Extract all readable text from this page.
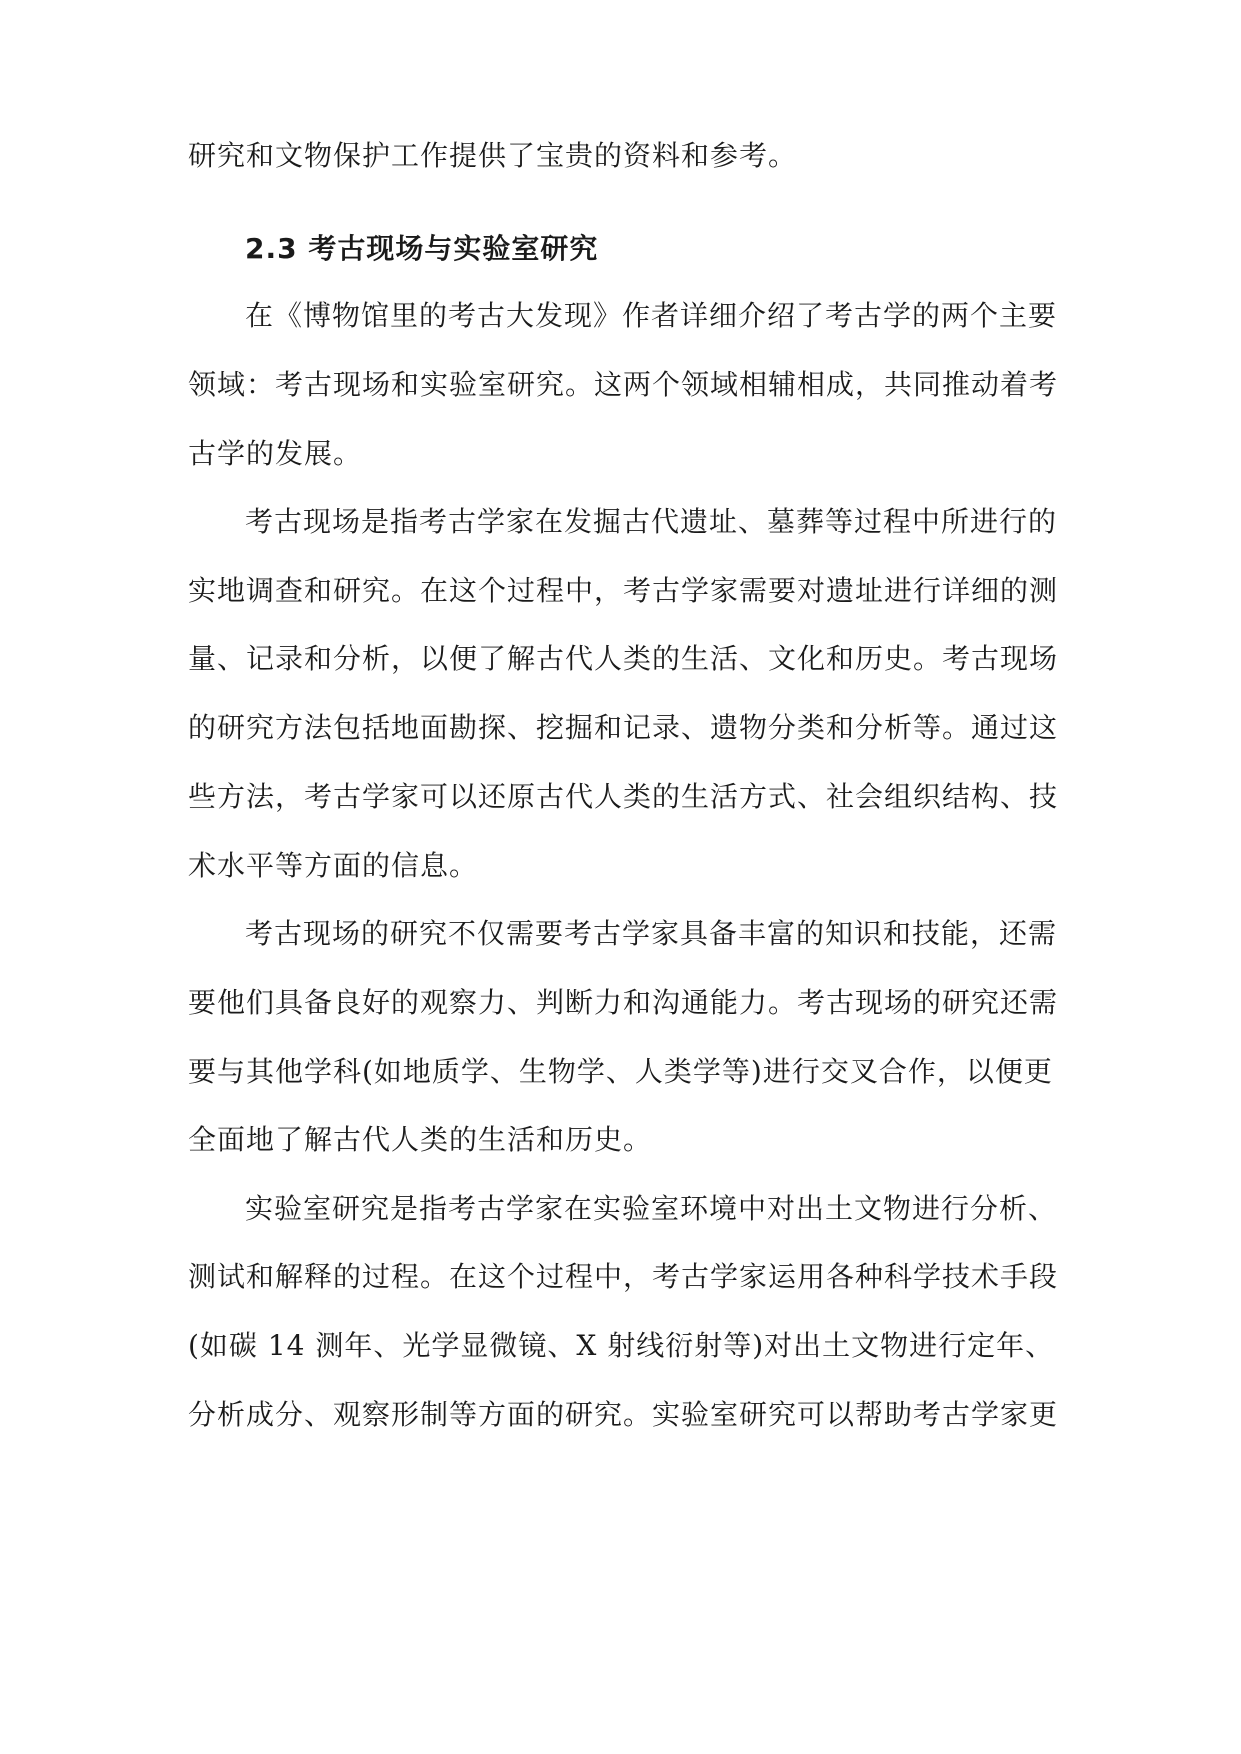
研究和文物保护工作提供了宝贵的资料和参考。
2.3 考古现场与实验室研究
在《博物馆里的考古大发现》作者详细介绍了考古学的两个主要
领域：考古现场和实验室研究。这两个领域相辅相成，共同推动着考
古学的发展。
考古现场是指考古学家在发掘古代遗址、墓葬等过程中所进行的
实地调查和研究。在这个过程中，考古学家需要对遗址进行详细的测
量、记录和分析，以便了解古代人类的生活、文化和历史。考古现场
的研究方法包括地面勘探、挖掘和记录、遗物分类和分析等。通过这
些方法，考古学家可以还原古代人类的生活方式、社会组织结构、技
术水平等方面的信息。
考古现场的研究不仅需要考古学家具备丰富的知识和技能，还需
要他们具备良好的观察力、判断力和沟通能力。考古现场的研究还需
要与其他学科(如地质学、生物学、人类学等)进行交叉合作，以便更
全面地了解古代人类的生活和历史。
实验室研究是指考古学家在实验室环境中对出土文物进行分析、
测试和解释的过程。在这个过程中，考古学家运用各种科学技术手段
(如碳 14 测年、光学显微镜、X 射线衍射等)对出土文物进行定年、
分析成分、观察形制等方面的研究。实验室研究可以帮助考古学家更
